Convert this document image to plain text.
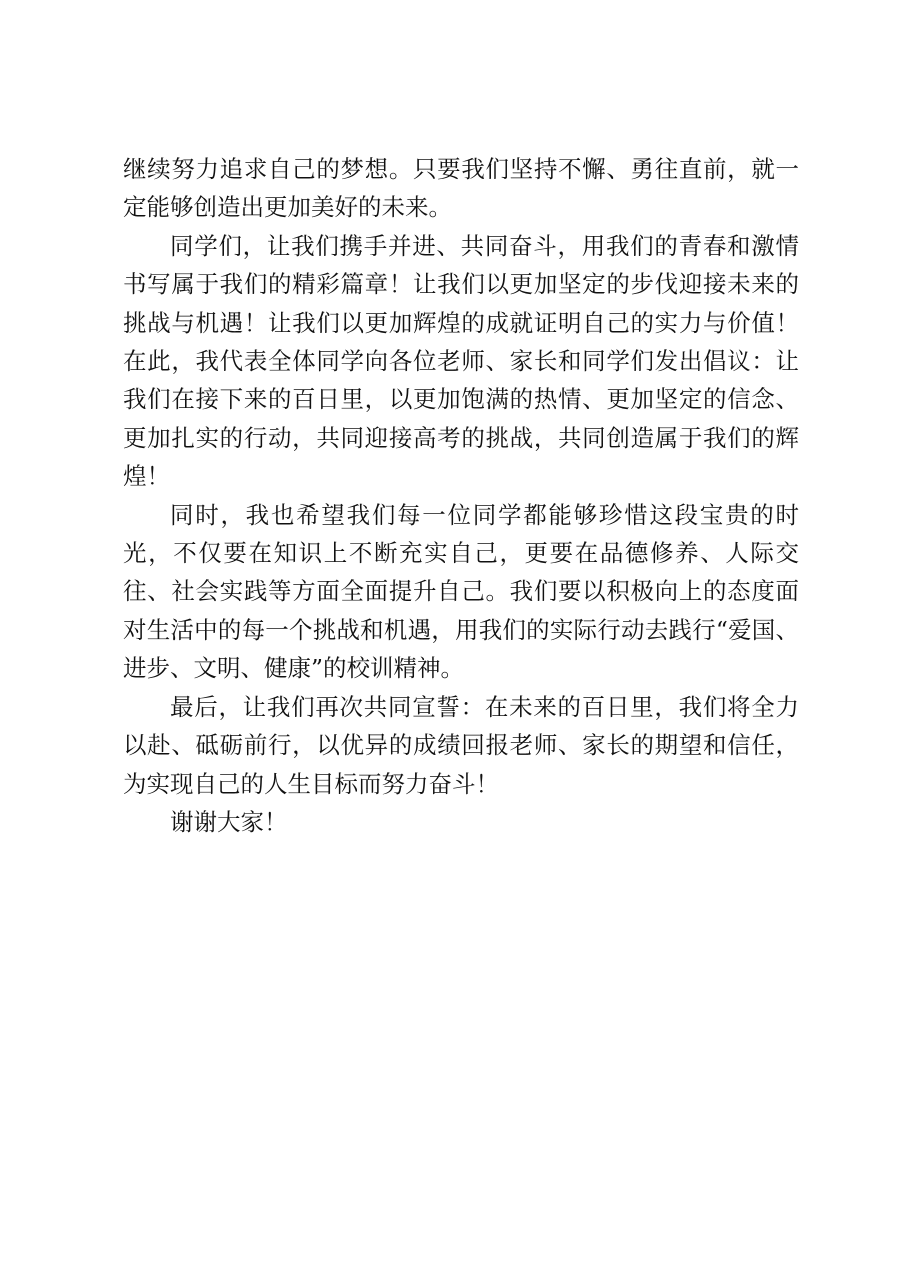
继续努力追求自己的梦想。只要我们坚持不懈、勇往直前，就一定能够创造出更加美好的未来。

同学们，让我们携手并进、共同奋斗，用我们的青春和激情书写属于我们的精彩篇章！让我们以更加坚定的步伐迎接未来的挑战与机遇！让我们以更加辉煌的成就证明自己的实力与价值！在此，我代表全体同学向各位老师、家长和同学们发出倡议：让我们在接下来的百日里，以更加饱满的热情、更加坚定的信念、更加扎实的行动，共同迎接高考的挑战，共同创造属于我们的辉煌！

同时，我也希望我们每一位同学都能够珍惜这段宝贵的时光，不仅要在知识上不断充实自己，更要在品德修养、人际交往、社会实践等方面全面提升自己。我们要以积极向上的态度面对生活中的每一个挑战和机遇，用我们的实际行动去践行“爱国、进步、文明、健康”的校训精神。

最后，让我们再次共同宣誓：在未来的百日里，我们将全力以赴、砥砺前行，以优异的成绩回报老师、家长的期望和信任，为实现自己的人生目标而努力奋斗！

谢谢大家！
